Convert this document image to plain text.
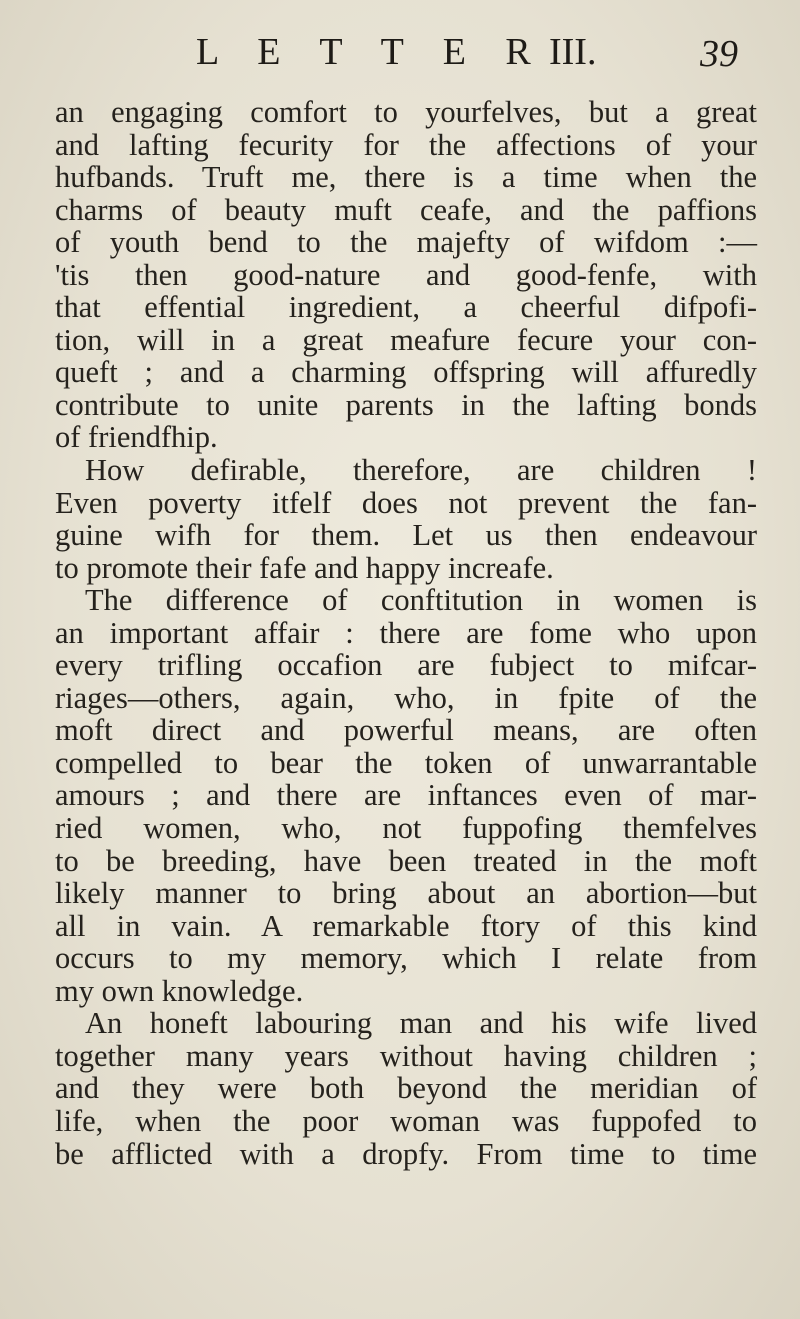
L E T T E R III.	39
an engaging comfort to yourfelves, but a great
and lafting fecurity for the affections of your
hufbands. Truft me, there is a time when the
charms of beauty muft ceafe, and the paffions
of youth bend to the majefty of wifdom :—
'tis then good-nature and good-fenfe, with
that effential ingredient, a cheerful difpofi-
tion, will in a great meafure fecure your con-
queft ; and a charming offspring will affuredly
contribute to unite parents in the lafting bonds
of friendfhip.
How defirable, therefore, are children !
Even poverty itfelf does not prevent the fan-
guine wifh for them. Let us then endeavour
to promote their fafe and happy increafe.
The difference of conftitution in women is
an important affair : there are fome who upon
every trifling occafion are fubject to mifcar-
riages—others, again, who, in fpite of the
moft direct and powerful means, are often
compelled to bear the token of unwarrantable
amours ; and there are inftances even of mar-
ried women, who, not fuppofing themfelves
to be breeding, have been treated in the moft
likely manner to bring about an abortion—but
all in vain. A remarkable ftory of this kind
occurs to my memory, which I relate from
my own knowledge.
An honeft labouring man and his wife lived
together many years without having children ;
and they were both beyond the meridian of
life, when the poor woman was fuppofed to
be afflicted with a dropfy. From time to time
